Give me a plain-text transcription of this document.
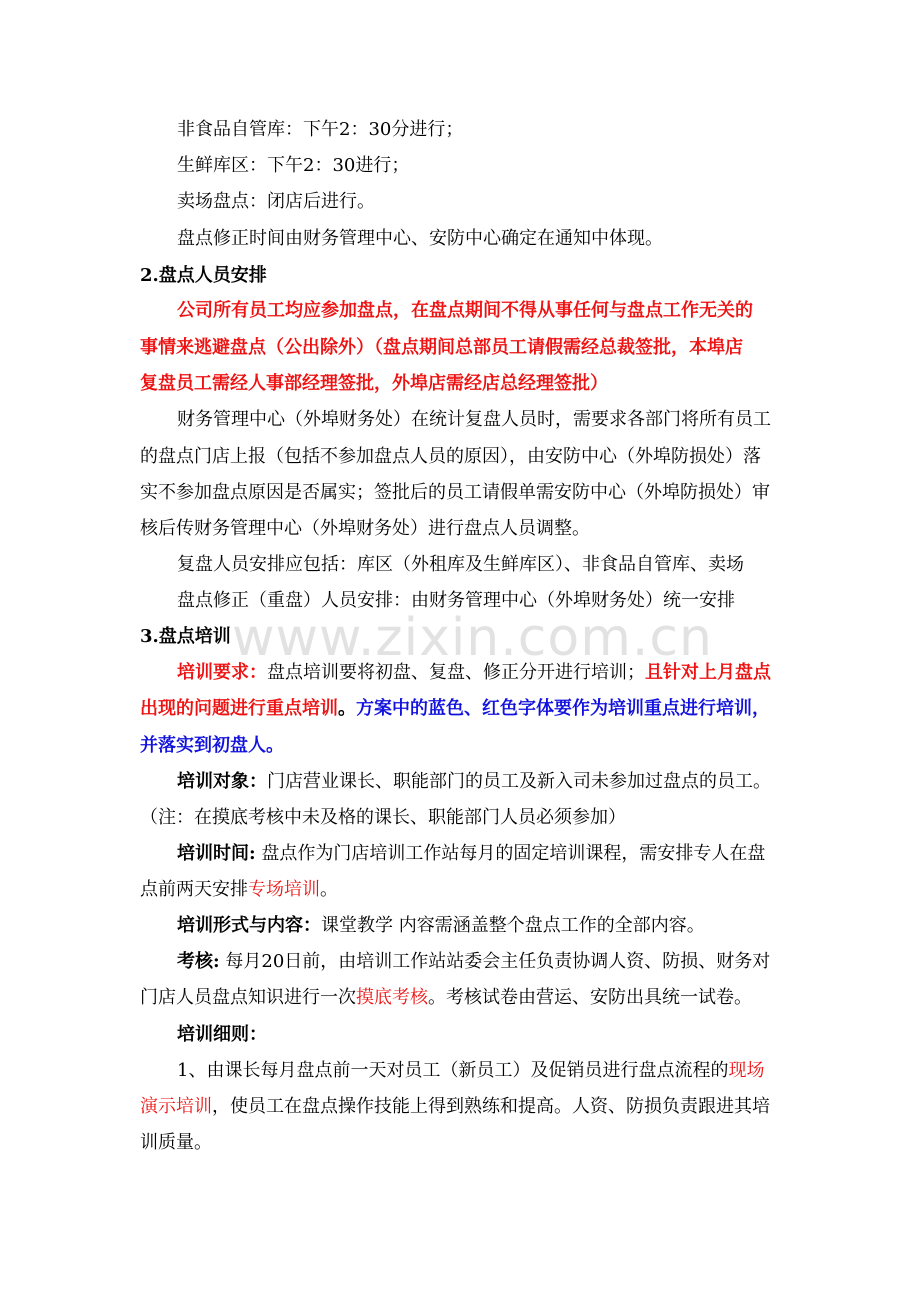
www.zixin.com.cn
非食品自管库：下午2：30分进行；
生鲜库区：下午2：30进行；
卖场盘点：闭店后进行。
盘点修正时间由财务管理中心、安防中心确定在通知中体现。
2.盘点人员安排
公司所有员工均应参加盘点，在盘点期间不得从事任何与盘点工作无关的
事情来逃避盘点（公出除外）（盘点期间总部员工请假需经总裁签批，本埠店
复盘员工需经人事部经理签批，外埠店需经店总经理签批）
财务管理中心（外埠财务处）在统计复盘人员时，需要求各部门将所有员工
的盘点门店上报（包括不参加盘点人员的原因），由安防中心（外埠防损处）落
实不参加盘点原因是否属实；签批后的员工请假单需安防中心（外埠防损处）审
核后传财务管理中心（外埠财务处）进行盘点人员调整。
复盘人员安排应包括：库区（外租库及生鲜库区）、非食品自管库、卖场
盘点修正（重盘）人员安排：由财务管理中心（外埠财务处）统一安排
3.盘点培训
培训要求：盘点培训要将初盘、复盘、修正分开进行培训；且针对上月盘点
出现的问题进行重点培训。方案中的蓝色、红色字体要作为培训重点进行培训，
并落实到初盘人。
培训对象：门店营业课长、职能部门的员工及新入司未参加过盘点的员工。
（注：在摸底考核中未及格的课长、职能部门人员必须参加）
培训时间: 盘点作为门店培训工作站每月的固定培训课程，需安排专人在盘
点前两天安排专场培训。
培训形式与内容：课堂教学 内容需涵盖整个盘点工作的全部内容。
考核: 每月20日前，由培训工作站站委会主任负责协调人资、防损、财务对
门店人员盘点知识进行一次摸底考核。考核试卷由营运、安防出具统一试卷。
培训细则：
1、由课长每月盘点前一天对员工（新员工）及促销员进行盘点流程的现场
演示培训，使员工在盘点操作技能上得到熟练和提高。人资、防损负责跟进其培
训质量。
